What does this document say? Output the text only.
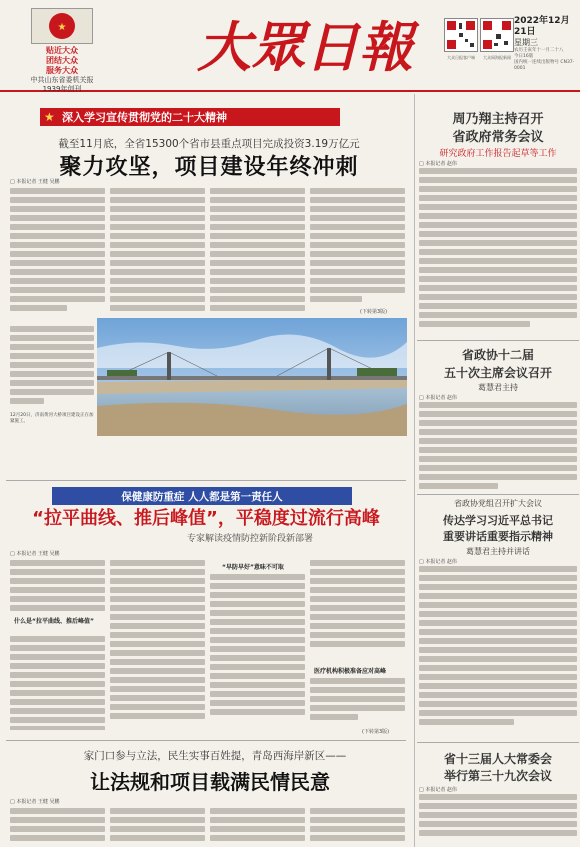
★
贴近大众
团结大众
服务大众
中共山东省委机关报
1939年创刊
大眾日報	大众日报客户端	大众网海报新闻
2022年12月21日
星期三
农历壬寅年十一月二十八
今日16版
国内统一连续出版物号 CN37-0001
★ 深入学习宣传贯彻党的二十大精神
截至11月底，全省15300个省市县重点项目完成投资3.19万亿元
聚力攻坚，项目建设年终冲刺
□ 本报记者 王健 吴鹏
12月20日，济南黄河大桥项目建设正在加紧施工。
(下转第3版)
保健康防重症 人人都是第一责任人
“拉平曲线、推后峰值”，平稳度过流行高峰
专家解读疫情防控新阶段新部署
□ 本报记者 王健 吴鹏
什么是“拉平曲线、推后峰值”
“早防早好”意味不可取
医疗机构积极准备应对高峰
(下转第3版)
家门口参与立法，民生实事百姓提，青岛西海岸新区——
让法规和项目载满民情民意
□ 本报记者 王健 吴鹏
周乃翔主持召开
省政府常务会议
研究政府工作报告起草等工作
□ 本报记者 赵伟
省政协十二届
五十次主席会议召开
葛慧君主持
□ 本报记者 赵伟
省政协党组召开扩大会议
传达学习习近平总书记
重要讲话重要指示精神
葛慧君主持并讲话
□ 本报记者 赵伟
省十三届人大常委会
举行第三十九次会议
□ 本报记者 赵伟
